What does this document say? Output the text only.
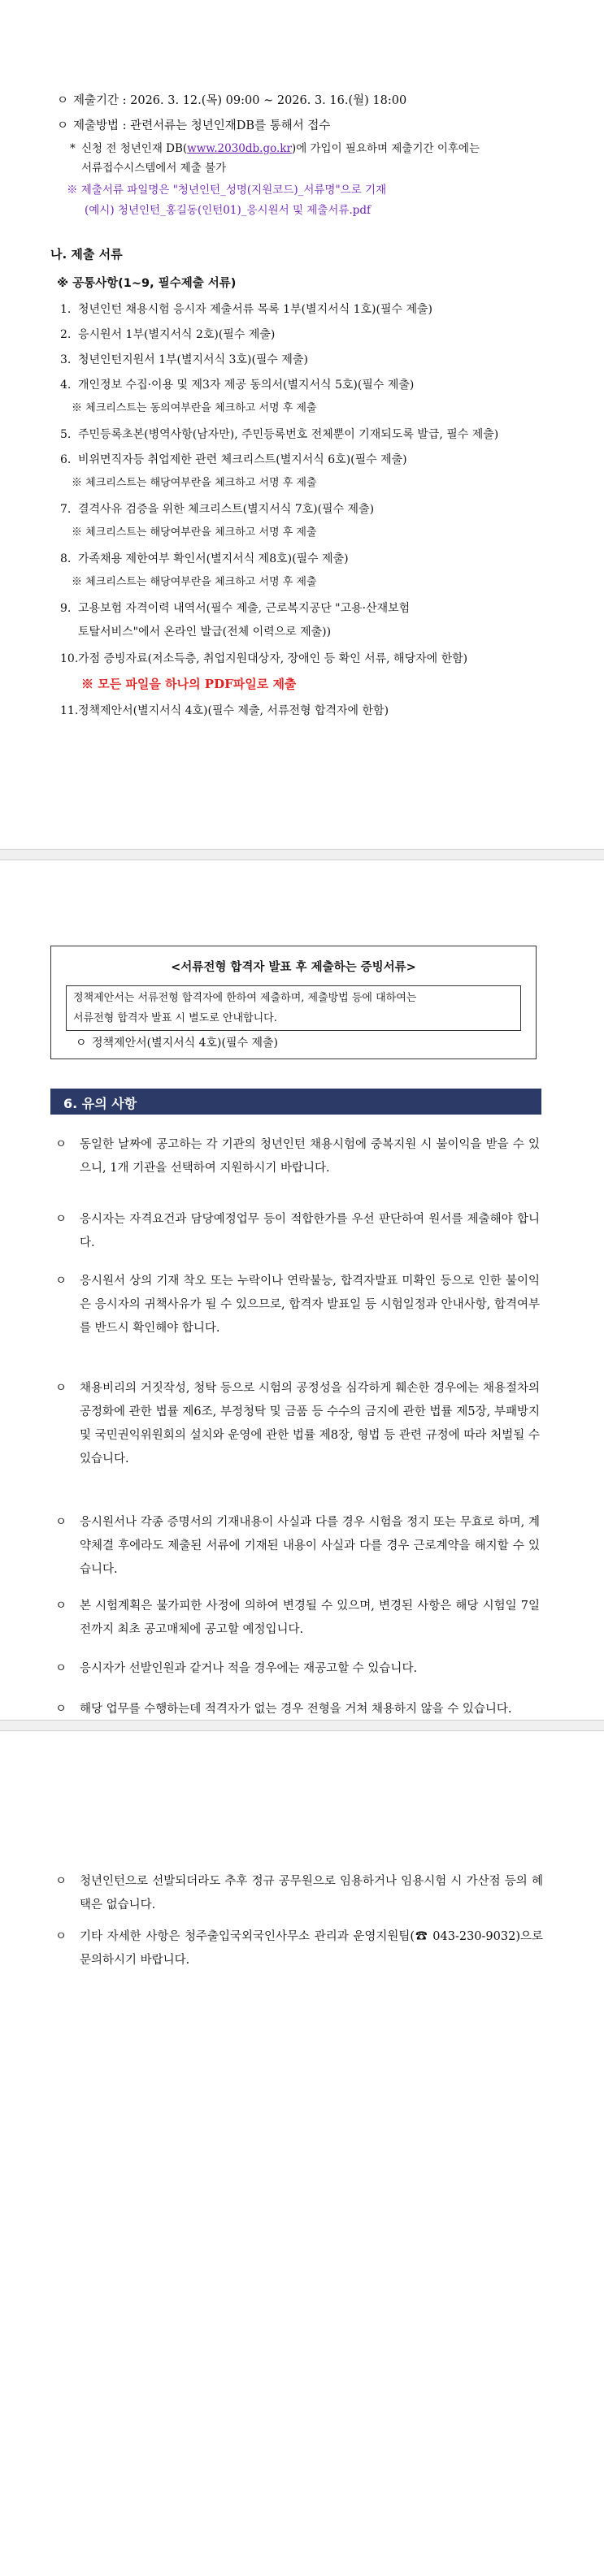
ㅇ 제출기간 : 2026. 3. 12.(목) 09:00 ~ 2026. 3. 16.(월) 18:00
ㅇ 제출방법 : 관련서류는 청년인재DB를 통해서 접수
* 신청 전 청년인재 DB(www.2030db.go.kr)에 가입이 필요하며 제출기간 이후에는
서류접수시스템에서 제출 불가
※ 제출서류 파일명은 "청년인턴_성명(지원코드)_서류명"으로 기재
(예시) 청년인턴_홍길동(인턴01)_응시원서 및 제출서류.pdf
나. 제출 서류
※ 공통사항(1~9, 필수제출 서류)
1. 청년인턴 채용시험 응시자 제출서류 목록 1부(별지서식 1호)(필수 제출)
2. 응시원서 1부(별지서식 2호)(필수 제출)
3. 청년인턴지원서 1부(별지서식 3호)(필수 제출)
4. 개인정보 수집·이용 및 제3자 제공 동의서(별지서식 5호)(필수 제출)
※ 체크리스트는 동의여부란을 체크하고 서명 후 제출
5. 주민등록초본(병역사항(남자만), 주민등록번호 전체뿐이 기재되도록 발급, 필수 제출)
6. 비위면직자등 취업제한 관련 체크리스트(별지서식 6호)(필수 제출)
※ 체크리스트는 해당여부란을 체크하고 서명 후 제출
7. 결격사유 검증을 위한 체크리스트(별지서식 7호)(필수 제출)
※ 체크리스트는 해당여부란을 체크하고 서명 후 제출
8. 가족채용 제한여부 확인서(별지서식 제8호)(필수 제출)
※ 체크리스트는 해당여부란을 체크하고 서명 후 제출
9. 고용보험 자격이력 내역서(필수 제출, 근로복지공단 "고용·산재보험
토탈서비스"에서 온라인 발급(전체 이력으로 제출))
10.가점 증빙자료(저소득층, 취업지원대상자, 장애인 등 확인 서류, 해당자에 한함)
※ 모든 파일을 하나의 PDF파일로 제출
11.정책제안서(별지서식 4호)(필수 제출, 서류전형 합격자에 한함)
<서류전형 합격자 발표 후 제출하는 증빙서류>
정책제안서는 서류전형 합격자에 한하여 제출하며, 제출방법 등에 대하여는
서류전형 합격자 발표 시 별도로 안내합니다.
ㅇ 정책제안서(별지서식 4호)(필수 제출)
6. 유의 사항
ㅇ 동일한 날짜에 공고하는 각 기관의 청년인턴 채용시험에 중복지원 시 불이익을 받을 수 있으니, 1개 기관을 선택하여 지원하시기 바랍니다.
ㅇ 응시자는 자격요건과 담당예정업무 등이 적합한가를 우선 판단하여 원서를 제출해야 합니다.
ㅇ 응시원서 상의 기재 착오 또는 누락이나 연락불능, 합격자발표 미확인 등으로 인한 불이익은 응시자의 귀책사유가 될 수 있으므로, 합격자 발표일 등 시험일정과 안내사항, 합격여부를 반드시 확인해야 합니다.
ㅇ 채용비리의 거짓작성, 청탁 등으로 시험의 공정성을 심각하게 훼손한 경우에는 채용절차의 공정화에 관한 법률 제6조, 부정청탁 및 금품 등 수수의 금지에 관한 법률 제5장, 부패방지 및 국민권익위원회의 설치와 운영에 관한 법률 제8장, 형법 등 관련 규정에 따라 처벌될 수 있습니다.
ㅇ 응시원서나 각종 증명서의 기재내용이 사실과 다를 경우 시험을 정지 또는 무효로 하며, 계약체결 후에라도 제출된 서류에 기재된 내용이 사실과 다를 경우 근로계약을 해지할 수 있습니다.
ㅇ 본 시험계획은 불가피한 사정에 의하여 변경될 수 있으며, 변경된 사항은 해당 시험일 7일 전까지 최초 공고매체에 공고할 예정입니다.
ㅇ 응시자가 선발인원과 같거나 적을 경우에는 재공고할 수 있습니다.
ㅇ 해당 업무를 수행하는데 적격자가 없는 경우 전형을 거쳐 채용하지 않을 수 있습니다.
ㅇ 청년인턴으로 선발되더라도 추후 정규 공무원으로 임용하거나 임용시험 시 가산점 등의 혜택은 없습니다.
ㅇ 기타 자세한 사항은 청주출입국외국인사무소 관리과 운영지원팀(☎ 043-230-9032)으로 문의하시기 바랍니다.
